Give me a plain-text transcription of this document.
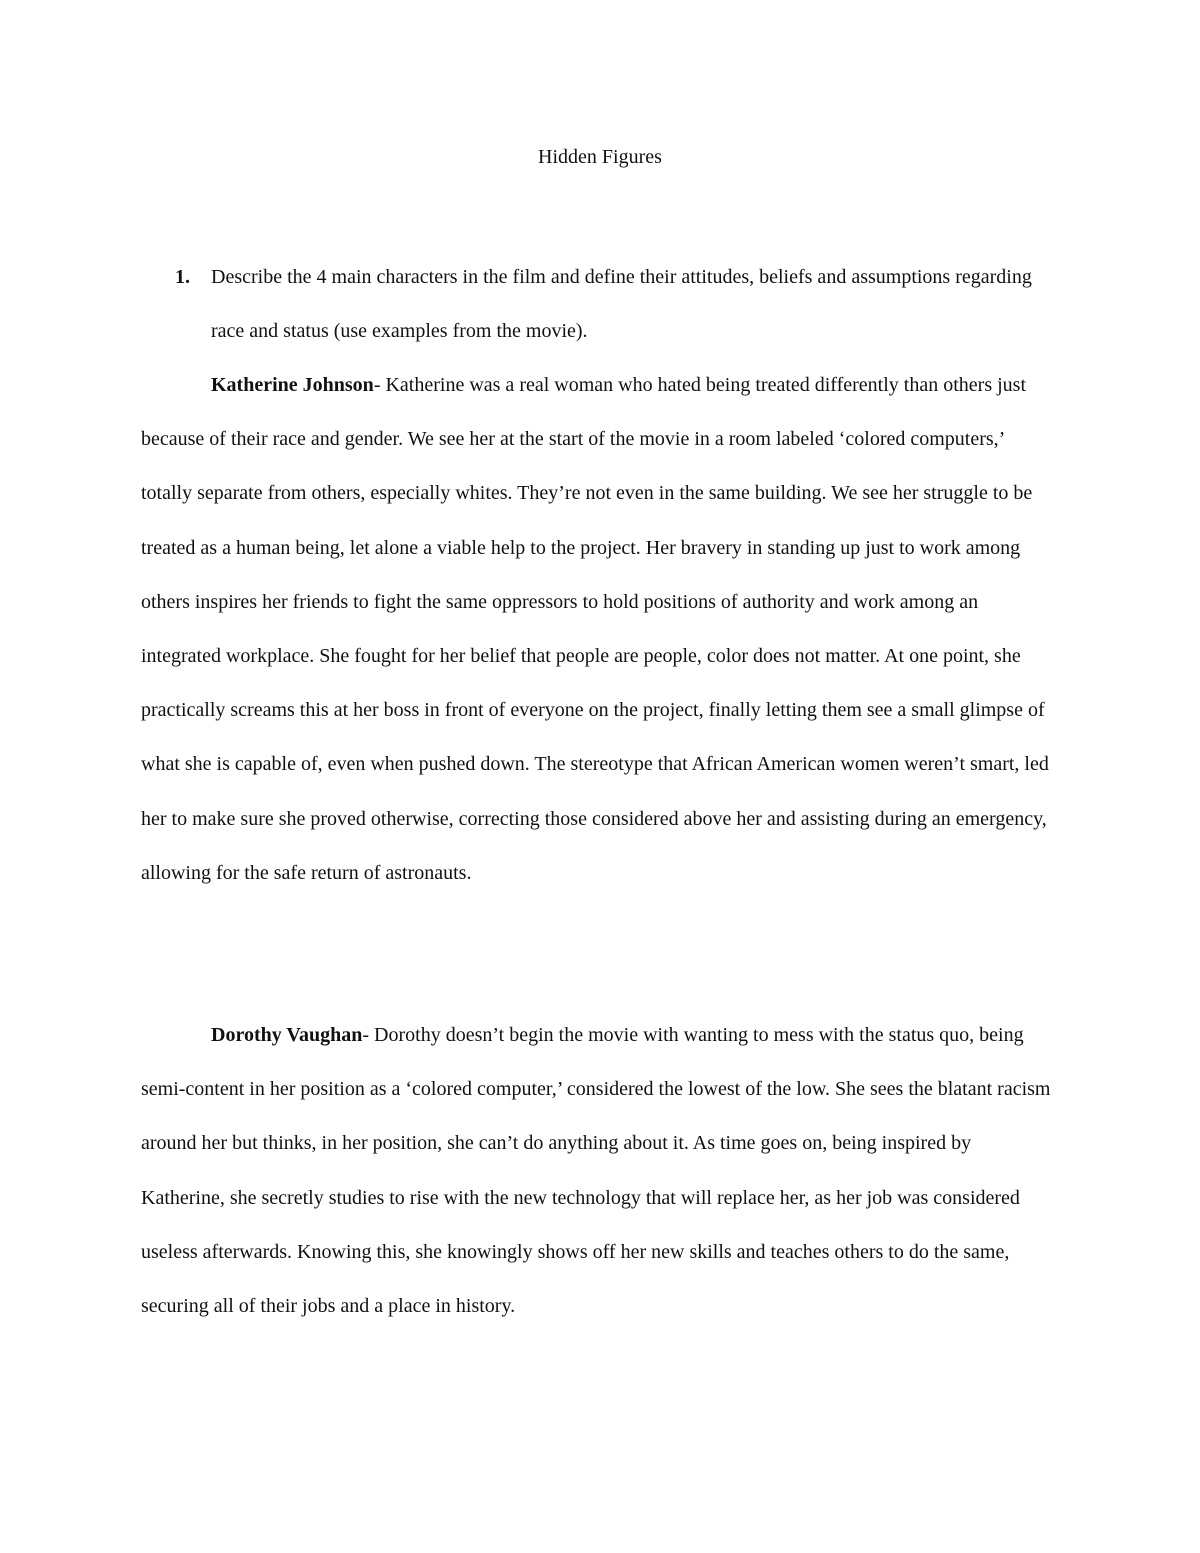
Hidden Figures
1. Describe the 4 main characters in the film and define their attitudes, beliefs and assumptions regarding race and status (use examples from the movie).

Katherine Johnson- Katherine was a real woman who hated being treated differently than others just because of their race and gender. We see her at the start of the movie in a room labeled ‘colored computers,’ totally separate from others, especially whites. They’re not even in the same building. We see her struggle to be treated as a human being, let alone a viable help to the project. Her bravery in standing up just to work among others inspires her friends to fight the same oppressors to hold positions of authority and work among an integrated workplace. She fought for her belief that people are people, color does not matter. At one point, she practically screams this at her boss in front of everyone on the project, finally letting them see a small glimpse of what she is capable of, even when pushed down. The stereotype that African American women weren’t smart, led her to make sure she proved otherwise, correcting those considered above her and assisting during an emergency, allowing for the safe return of astronauts.

Dorothy Vaughan- Dorothy doesn’t begin the movie with wanting to mess with the status quo, being semi-content in her position as a ‘colored computer,’ considered the lowest of the low. She sees the blatant racism around her but thinks, in her position, she can’t do anything about it. As time goes on, being inspired by Katherine, she secretly studies to rise with the new technology that will replace her, as her job was considered useless afterwards. Knowing this, she knowingly shows off her new skills and teaches others to do the same, securing all of their jobs and a place in history.
